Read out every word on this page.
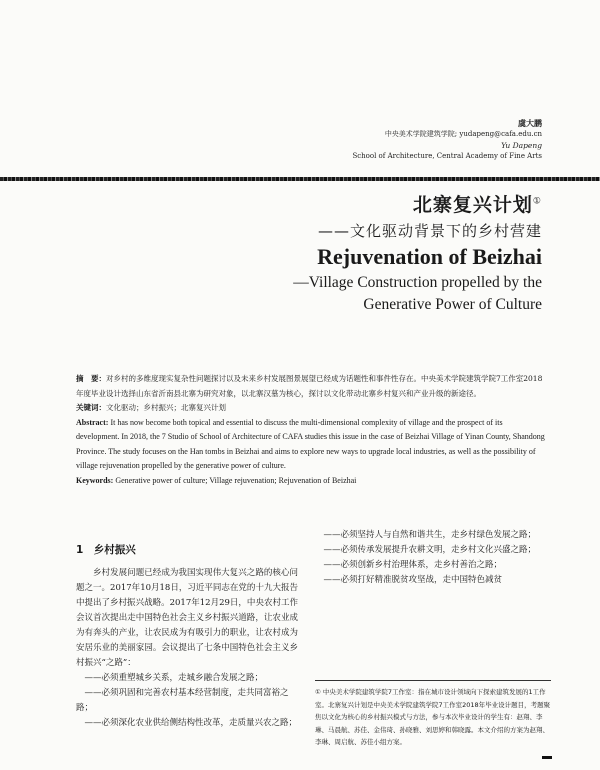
虞大鹏
中央美术学院建筑学院; yudapeng@cafa.edu.cn
Yu Dapeng
School of Architecture, Central Academy of Fine Arts
北寨复兴计划①
——文化驱动背景下的乡村营建
Rejuvenation of Beizhai
—Village Construction propelled by the
Generative Power of Culture

摘　要：对乡村的多维度现实复杂性问题探讨以及未来乡村发展图景展望已经成为话题性和事件性存在。中央美术学院建筑学院7工作室2018年度毕业设计选择山东省沂南县北寨为研究对象，以北寨汉墓为核心，探讨以文化带动北寨乡村复兴和产业升级的新途径。

关键词：文化驱动；乡村振兴；北寨复兴计划

Abstract: It has now become both topical and essential to discuss the multi-dimensional complexity of village and the prospect of its development. In 2018, the 7 Studio of School of Architecture of CAFA studies this issue in the case of Beizhai Village of Yinan County, Shandong Province. The study focuses on the Han tombs in Beizhai and aims to explore new ways to upgrade local industries, as well as the possibility of village rejuvenation propelled by the generative power of culture.

Keywords: Generative power of culture; Village rejuvenation; Rejuvenation of Beizhai

1　乡村振兴

乡村发展问题已经成为我国实现伟大复兴之路的核心问题之一。2017年10月18日，习近平同志在党的十九大报告中提出了乡村振兴战略。2017年12月29日，中央农村工作会议首次提出走中国特色社会主义乡村振兴道路，让农业成为有奔头的产业，让农民成为有吸引力的职业，让农村成为安居乐业的美丽家园。会议提出了七条中国特色社会主义乡村振兴“之路”：

——必须重塑城乡关系，走城乡融合发展之路；

——必须巩固和完善农村基本经营制度，走共同富裕之路；

——必须深化农业供给侧结构性改革，走质量兴农之路；

——必须坚持人与自然和谐共生，走乡村绿色发展之路；

——必须传承发展提升农耕文明，走乡村文化兴盛之路；

——必须创新乡村治理体系，走乡村善治之路；

——必须打好精准脱贫攻坚战，走中国特色减贫

① 中央美术学院建筑学院7工作室：指在城市设计领域向下探索建筑发展的1工作室。北寨复兴计划是中央美术学院建筑学院7工作室2018年毕业设计题目，考题聚焦以文化为核心的乡村振兴模式与方法，参与本次毕业设计的学生有：赵翔、李琳、马晨航、苏佳、金伟琦、孙晓雅、刘思婷和韩晓露。本文介绍的方案为赵翔、李琳、周启航、苏佳小组方案。
